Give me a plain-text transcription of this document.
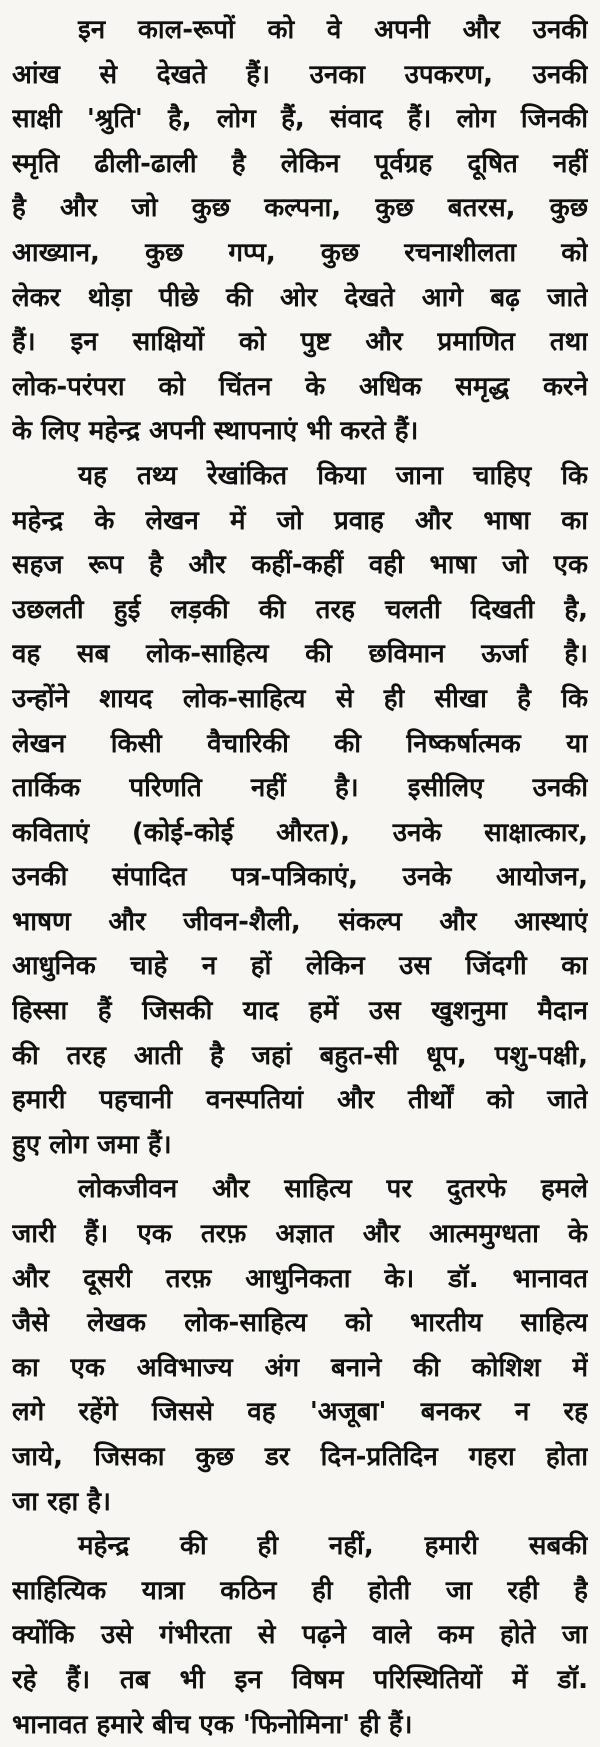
इन काल-रूपों को वे अपनी और उनकी
आंख से देखते हैं। उनका उपकरण, उनकी
साक्षी 'श्रुति' है, लोग हैं, संवाद हैं। लोग जिनकी
स्मृति ढीली-ढाली है लेकिन पूर्वग्रह दूषित नहीं
है और जो कुछ कल्पना, कुछ बतरस, कुछ
आख्यान, कुछ गप्प, कुछ रचनाशीलता को
लेकर थोड़ा पीछे की ओर देखते आगे बढ़ जाते
हैं। इन साक्षियों को पुष्ट और प्रमाणित तथा
लोक-परंपरा को चिंतन के अधिक समृद्ध करने
के लिए महेन्द्र अपनी स्थापनाएं भी करते हैं।

यह तथ्य रेखांकित किया जाना चाहिए कि
महेन्द्र के लेखन में जो प्रवाह और भाषा का
सहज रूप है और कहीं-कहीं वही भाषा जो एक
उछलती हुई लड़की की तरह चलती दिखती है,
वह सब लोक-साहित्य की छविमान ऊर्जा है।
उन्होंने शायद लोक-साहित्य से ही सीखा है कि
लेखन किसी वैचारिकी की निष्कर्षात्मक या
तार्किक परिणति नहीं है। इसीलिए उनकी
कविताएं (कोई-कोई औरत), उनके साक्षात्कार,
उनकी संपादित पत्र-पत्रिकाएं, उनके आयोजन,
भाषण और जीवन-शैली, संकल्प और आस्थाएं
आधुनिक चाहे न हों लेकिन उस जिंदगी का
हिस्सा हैं जिसकी याद हमें उस खुशनुमा मैदान
की तरह आती है जहां बहुत-सी धूप, पशु-पक्षी,
हमारी पहचानी वनस्पतियां और तीर्थों को जाते
हुए लोग जमा हैं।

लोकजीवन और साहित्य पर दुतरफे हमले
जारी हैं। एक तरफ़ अज्ञात और आत्ममुग्धता के
और दूसरी तरफ़ आधुनिकता के। डॉ. भानावत
जैसे लेखक लोक-साहित्य को भारतीय साहित्य
का एक अविभाज्य अंग बनाने की कोशिश में
लगे रहेंगे जिससे वह 'अजूबा' बनकर न रह
जाये, जिसका कुछ डर दिन-प्रतिदिन गहरा होता
जा रहा है।

महेन्द्र की ही नहीं, हमारी सबकी
साहित्यिक यात्रा कठिन ही होती जा रही है
क्योंकि उसे गंभीरता से पढ़ने वाले कम होते जा
रहे हैं। तब भी इन विषम परिस्थितियों में डॉ.
भानावत हमारे बीच एक 'फिनोमिना' ही हैं।
